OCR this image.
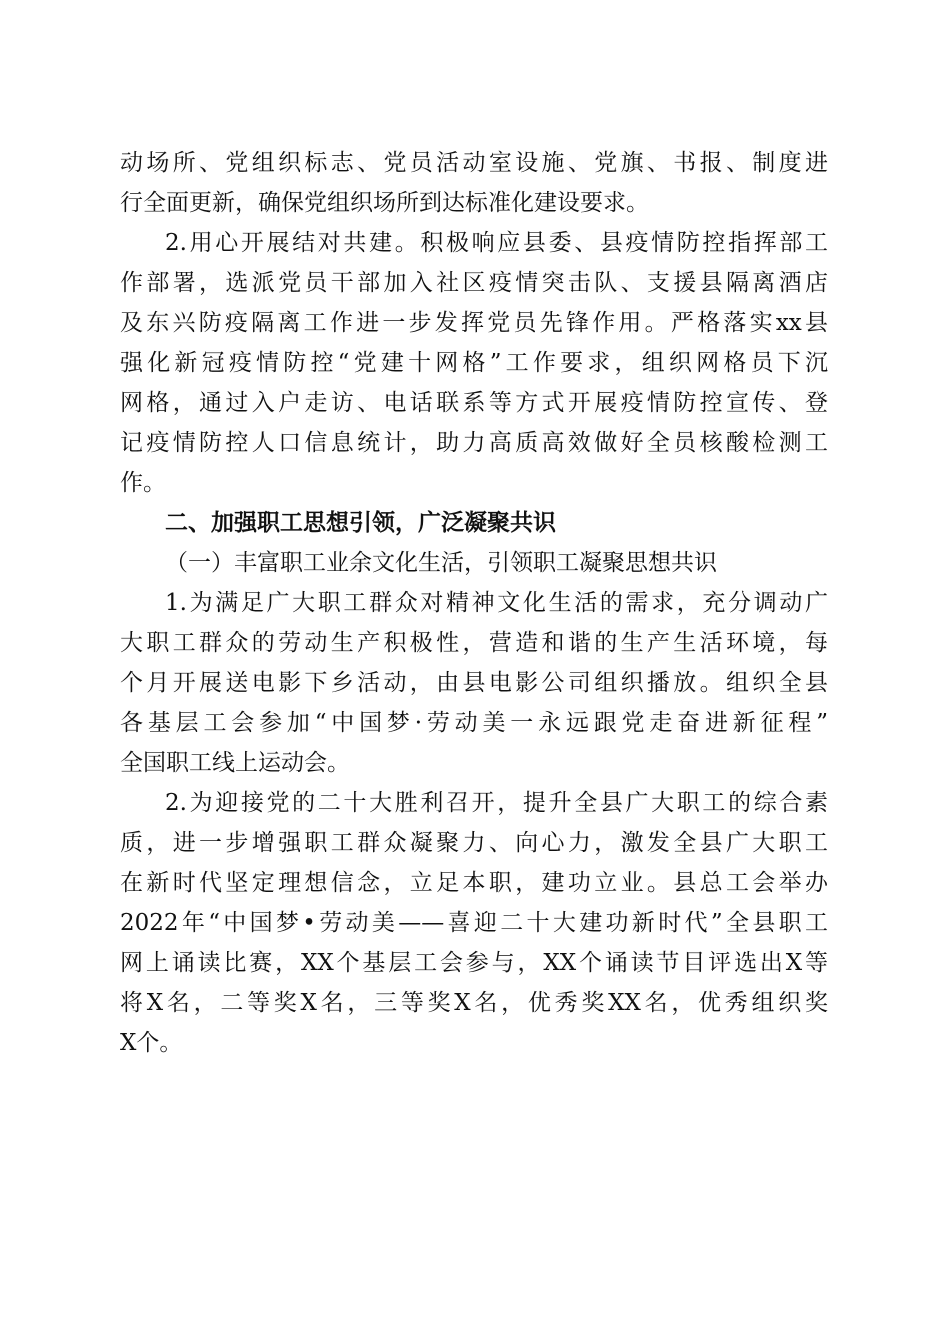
动场所、党组织标志、党员活动室设施、党旗、书报、制度进
行全面更新，确保党组织场所到达标准化建设要求。
2.用心开展结对共建。积极响应县委、县疫情防控指挥部工
作部署，选派党员干部加入社区疫情突击队、支援县隔离酒店
及东兴防疫隔离工作进一步发挥党员先锋作用。严格落实xx县
强化新冠疫情防控“党建十网格”工作要求，组织网格员下沉
网格，通过入户走访、电话联系等方式开展疫情防控宣传、登
记疫情防控人口信息统计，助力高质高效做好全员核酸检测工
作。
二、加强职工思想引领，广泛凝聚共识
（一）丰富职工业余文化生活，引领职工凝聚思想共识
1.为满足广大职工群众对精神文化生活的需求，充分调动广
大职工群众的劳动生产积极性，营造和谐的生产生活环境，每
个月开展送电影下乡活动，由县电影公司组织播放。组织全县
各基层工会参加“中国梦·劳动美一永远跟党走奋进新征程”
全国职工线上运动会。
2.为迎接党的二十大胜利召开，提升全县广大职工的综合素
质，进一步增强职工群众凝聚力、向心力，激发全县广大职工
在新时代坚定理想信念，立足本职，建功立业。县总工会举办
2022年“中国梦•劳动美——喜迎二十大建功新时代”全县职工
网上诵读比赛，XX个基层工会参与，XX个诵读节目评选出X等
将X名，二等奖X名，三等奖X名，优秀奖XX名，优秀组织奖
X个。
